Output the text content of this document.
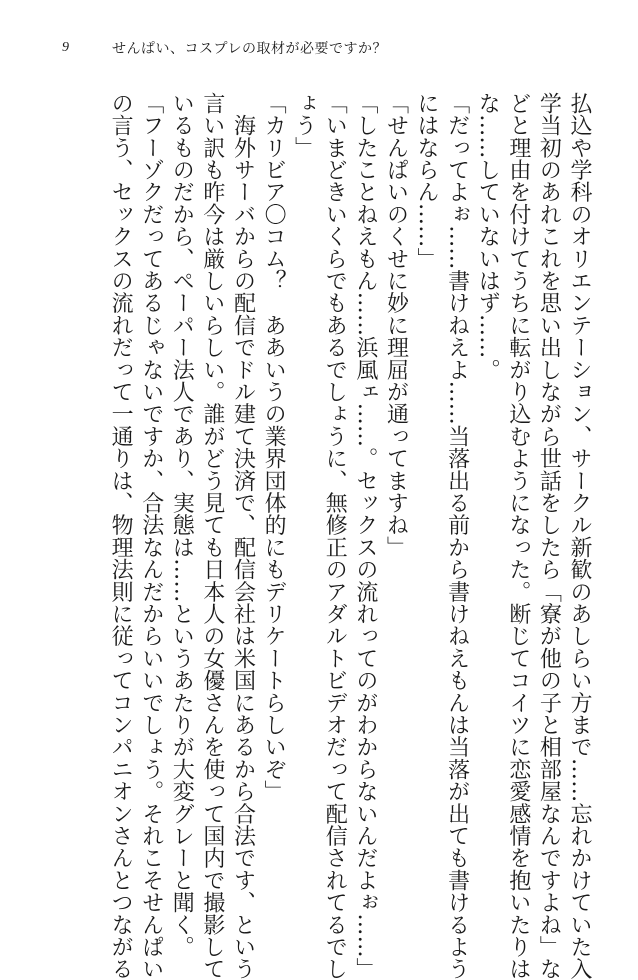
9	せんぱい、コスプレの取材が必要ですか？
払込や学科のオリエンテーション、サークル新歓のあしらい方まで……忘れかけていた入
学当初のあれこれを思い出しながら世話をしたら「寮が他の子と相部屋なんですよね」な
どと理由を付けてうちに転がり込むようになった。断じてコイツに恋愛感情を抱いたりは
な……していないはず……。
「だってよぉ……書けねえよ……当落出る前から書けねえもんは当落が出ても書けるよう
にはならん……」
「せんぱいのくせに妙に理屈が通ってますね」
「したことねえもん……浜風ェ……。セックスの流れってのがわからないんだよぉ……」
「いまどきいくらでもあるでしょうに、無修正のアダルトビデオだって配信されてるでし
ょう」
「カリビア〇コム？　ああいうの業界団体的にもデリケートらしいぞ」
　海外サーバからの配信でドル建て決済で、配信会社は米国にあるから合法です、という
言い訳も昨今は厳しいらしい。誰がどう見ても日本人の女優さんを使って国内で撮影して
いるものだから、ペーパー法人であり、実態は……というあたりが大変グレーと聞く。
「フーゾクだってあるじゃないですか、合法なんだからいいでしょう。それこそせんぱい
の言う、セックスの流れだって一通りは、物理法則に従ってコンパニオンさんとつながる
